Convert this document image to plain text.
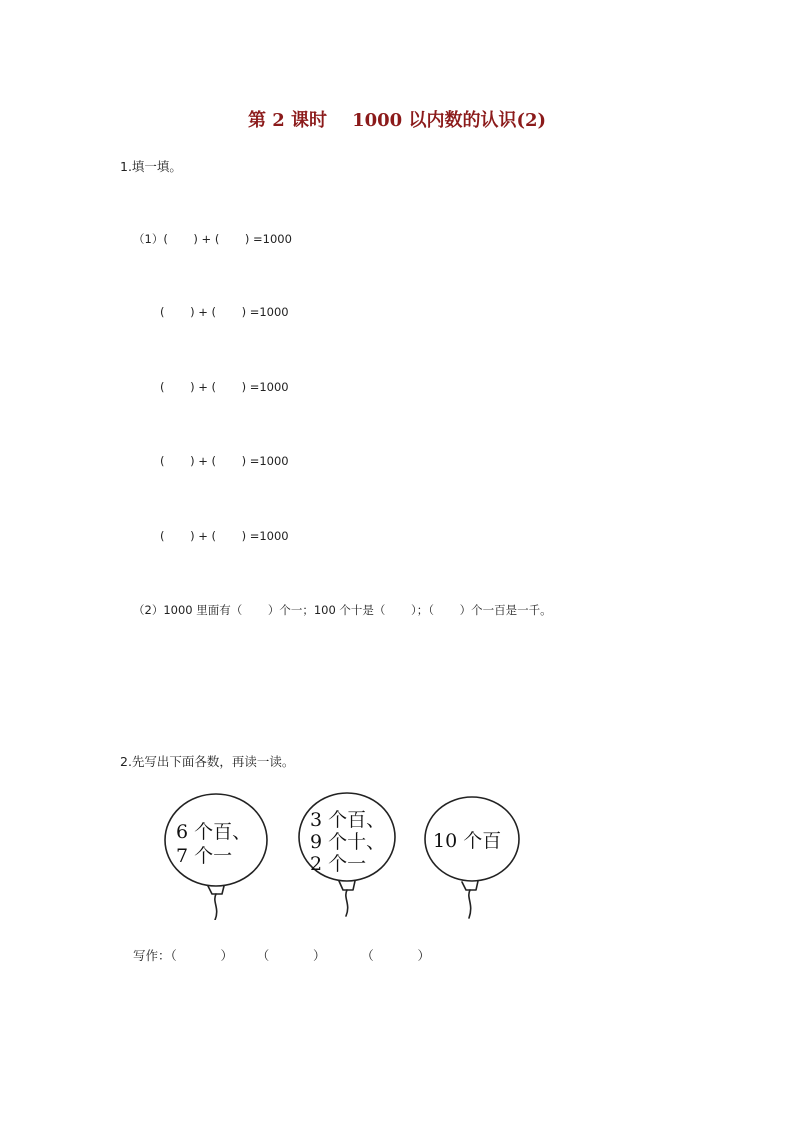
第 2 课时    1000 以内数的认识(2)
1.填一填。
（1）(       ) + (       ) =1000
(       ) + (       ) =1000
(       ) + (       ) =1000
(       ) + (       ) =1000
(       ) + (       ) =1000
（2）1000 里面有（       ）个一；100 个十是（       ）；（       ）个一百是一千。
2.先写出下面各数，再读一读。
6 个百、
7 个一
3 个百、
9 个十、
2 个一
10 个百
写作：（           ）      （           ）         （           ）
